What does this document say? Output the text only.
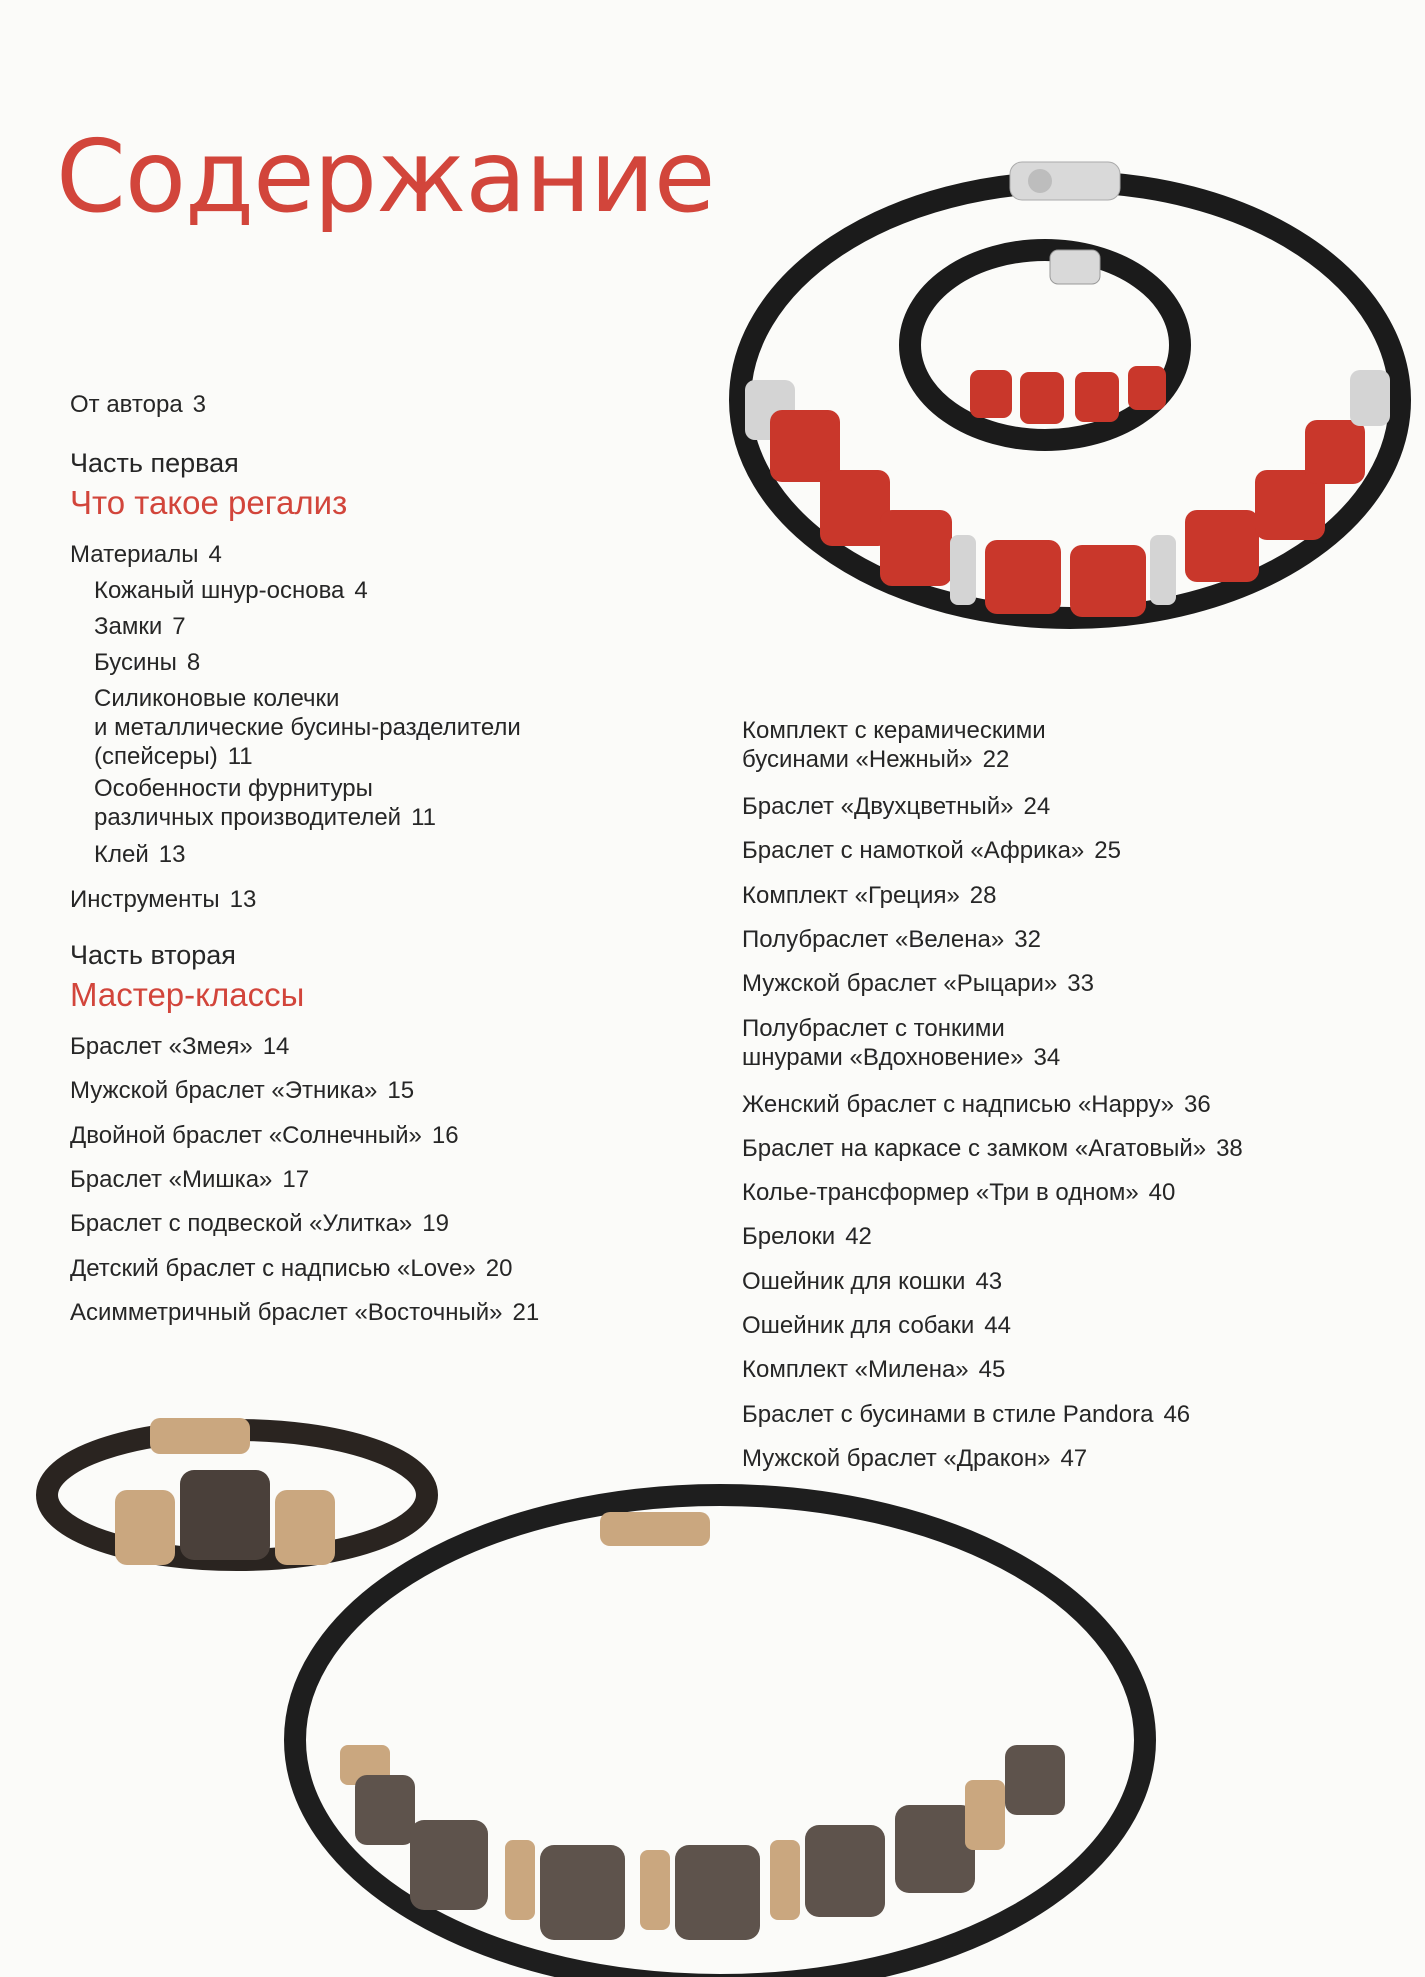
Содержание
От автора 3
Часть первая
Что такое регализ
Материалы 4
Кожаный шнур-основа 4
Замки 7
Бусины 8
Силиконовые колечки
и металлические бусины-разделители
(спейсеры) 11
Особенности фурнитуры
различных производителей 11
Клей 13
Инструменты 13
Часть вторая
Мастер-классы
Браслет «Змея» 14
Мужской браслет «Этника» 15
Двойной браслет «Солнечный» 16
Браслет «Мишка» 17
Браслет с подвеской «Улитка» 19
Детский браслет с надписью «Love» 20
Асимметричный браслет «Восточный» 21
Комплект с керамическими
бусинами «Нежный» 22
Браслет «Двухцветный» 24
Браслет с намоткой «Африка» 25
Комплект «Греция» 28
Полубраслет «Велена» 32
Мужской браслет «Рыцари» 33
Полубраслет с тонкими
шнурами «Вдохновение» 34
Женский браслет с надписью «Happy» 36
Браслет на каркасе с замком «Агатовый» 38
Колье-трансформер «Три в одном» 40
Брелоки 42
Ошейник для кошки 43
Ошейник для собаки 44
Комплект «Милена» 45
Браслет с бусинами в стиле Pandora 46
Мужской браслет «Дракон» 47
